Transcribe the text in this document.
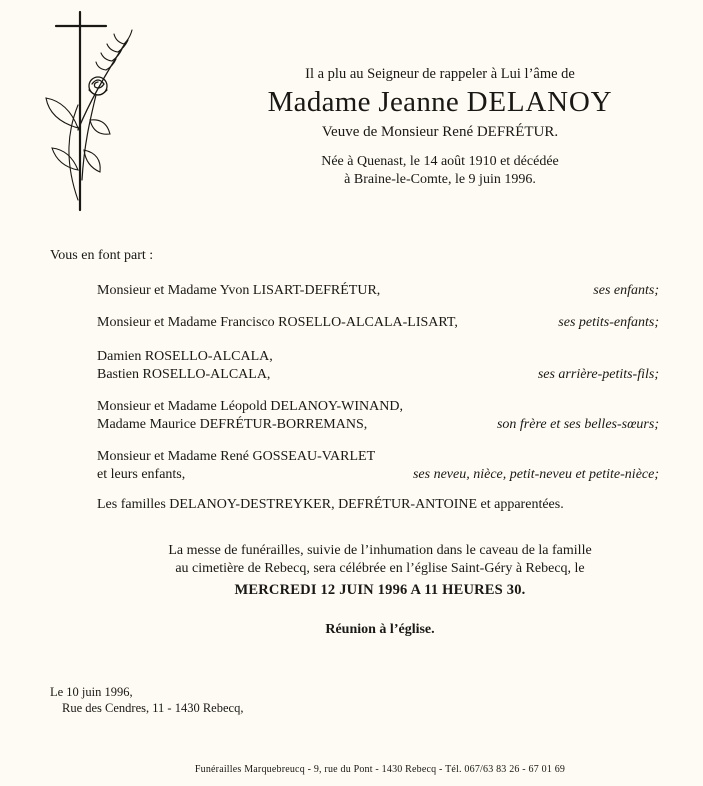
Il a plu au Seigneur de rappeler à Lui l’âme de
Madame Jeanne DELANOY
Veuve de Monsieur René DEFRÉTUR.
Née à Quenast, le 14 août 1910 et décédée
à Braine-le-Comte, le 9 juin 1996.
Vous en font part :
Monsieur et Madame Yvon LISART-DEFRÉTUR,	ses enfants;
Monsieur et Madame Francisco ROSELLO-ALCALA-LISART,	ses petits-enfants;
Damien ROSELLO-ALCALA,
Bastien ROSELLO-ALCALA,	ses arrière-petits-fils;
Monsieur et Madame Léopold DELANOY-WINAND,
Madame Maurice DEFRÉTUR-BORREMANS,	son frère et ses belles-sœurs;
Monsieur et Madame René GOSSEAU-VARLET
et leurs enfants,	ses neveu, nièce, petit-neveu et petite-nièce;
Les familles DELANOY-DESTREYKER, DEFRÉTUR-ANTOINE et apparentées.
La messe de funérailles, suivie de l’inhumation dans le caveau de la famille
au cimetière de Rebecq, sera célébrée en l’église Saint-Géry à Rebecq, le
MERCREDI 12 JUIN 1996 A 11 HEURES 30.
Réunion à l’église.
Le 10 juin 1996,
Rue des Cendres, 11 - 1430 Rebecq,
Funérailles Marquebreucq - 9, rue du Pont - 1430 Rebecq - Tél. 067/63 83 26 - 67 01 69
